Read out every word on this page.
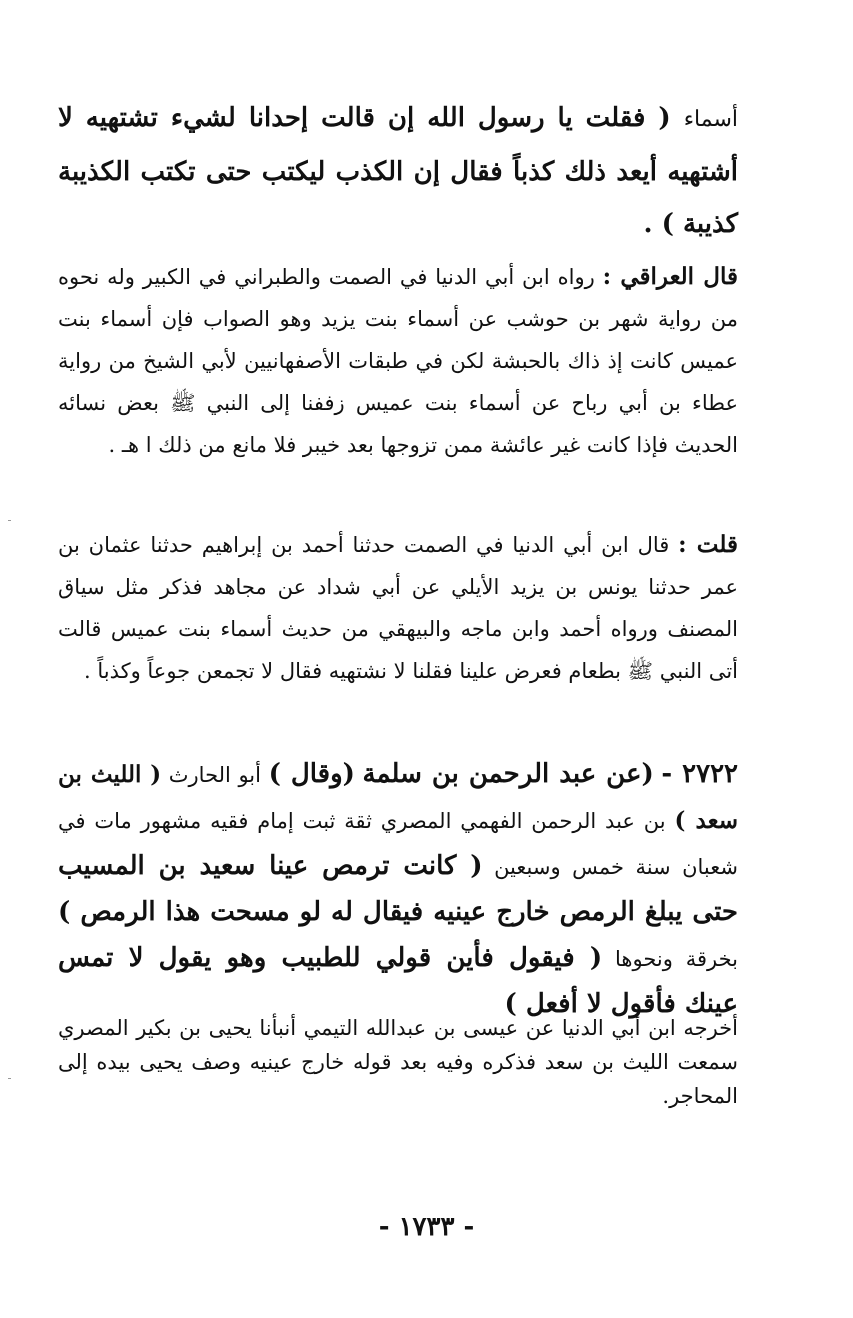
أسماء ( فقلت يا رسول الله إن قالت إحدانا لشيء تشتهيه لا أشتهيه أيعد ذلك كذباً فقال إن الكذب ليكتب حتى تكتب الكذيبة كذيبة ) .
قال العراقي : رواه ابن أبي الدنيا في الصمت والطبراني في الكبير وله نحوه من رواية شهر بن حوشب عن أسماء بنت يزيد وهو الصواب فإن أسماء بنت عميس كانت إذ ذاك بالحبشة لكن في طبقات الأصفهانيين لأبي الشيخ من رواية عطاء بن أبي رباح عن أسماء بنت عميس زففنا إلى النبي ﷺ بعض نسائه الحديث فإذا كانت غير عائشة ممن تزوجها بعد خيبر فلا مانع من ذلك ا هـ .
قلت : قال ابن أبي الدنيا في الصمت حدثنا أحمد بن إبراهيم حدثنا عثمان بن عمر حدثنا يونس بن يزيد الأيلي عن أبي شداد عن مجاهد فذكر مثل سياق المصنف ورواه أحمد وابن ماجه والبيهقي من حديث أسماء بنت عميس قالت أتى النبي ﷺ بطعام فعرض علينا فقلنا لا نشتهيه فقال لا تجمعن جوعاً وكذباً .
٢٧٢٢ - (عن عبد الرحمن بن سلمة (وقال ) أبو الحارث ( الليث بن سعد ) بن عبد الرحمن الفهمي المصري ثقة ثبت إمام فقيه مشهور مات في شعبان سنة خمس وسبعين ( كانت ترمص عينا سعيد بن المسيب حتى يبلغ الرمص خارج عينيه فيقال له لو مسحت هذا الرمص ) بخرقة ونحوها ( فيقول فأين قولي للطبيب وهو يقول لا تمس عينك فأقول لا أفعل )
أخرجه ابن أبي الدنيا عن عيسى بن عبدالله التيمي أنبأنا يحيى بن بكير المصري سمعت الليث بن سعد فذكره وفيه بعد قوله خارج عينيه وصف يحيى بيده إلى المحاجر.
- ١٧٣٣ -
